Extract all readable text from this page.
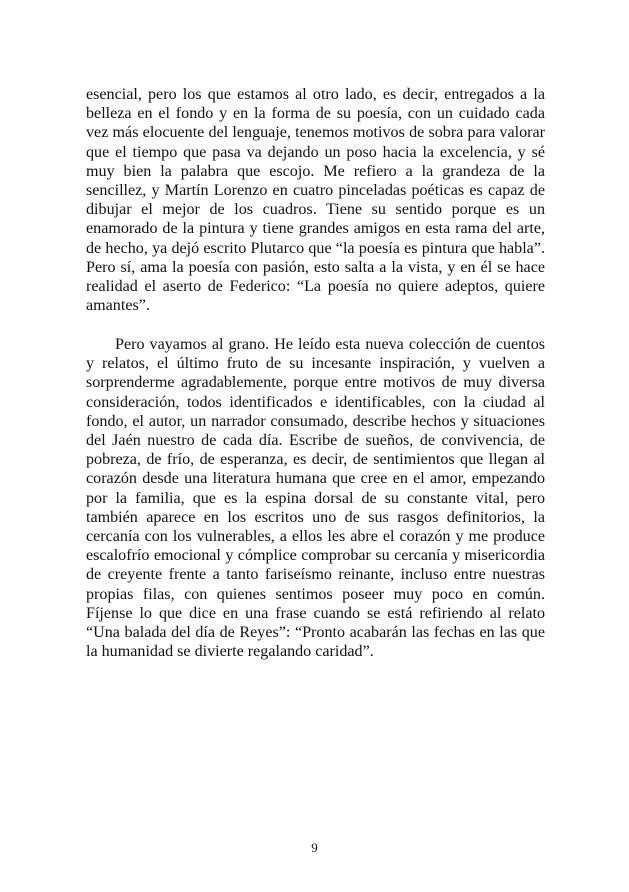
esencial, pero los que estamos al otro lado, es decir, entregados a la belleza en el fondo y en la forma de su poesía, con un cuidado cada vez más elocuente del lenguaje, tenemos motivos de sobra para valorar que el tiempo que pasa va dejando un poso hacia la excelencia, y sé muy bien la palabra que escojo. Me refiero a la grandeza de la sencillez, y Martín Lorenzo en cuatro pinceladas poéticas es capaz de dibujar el mejor de los cuadros. Tiene su sentido porque es un enamorado de la pintura y tiene grandes amigos en esta rama del arte, de hecho, ya dejó escrito Plutarco que “la poesía es pintura que habla”. Pero sí, ama la poesía con pasión, esto salta a la vista, y en él se hace realidad el aserto de Federico: “La poesía no quiere adeptos, quiere amantes”.

Pero vayamos al grano. He leído esta nueva colección de cuentos y relatos, el último fruto de su incesante inspiración, y vuelven a sorprenderme agradablemente, porque entre motivos de muy diversa consideración, todos identificados e identificables, con la ciudad al fondo, el autor, un narrador consumado, describe hechos y situaciones del Jaén nuestro de cada día. Escribe de sueños, de convivencia, de pobreza, de frío, de esperanza, es decir, de sentimientos que llegan al corazón desde una literatura humana que cree en el amor, empezando por la familia, que es la espina dorsal de su constante vital, pero también aparece en los escritos uno de sus rasgos definitorios, la cercanía con los vulnerables, a ellos les abre el corazón y me produce escalofrío emocional y cómplice comprobar su cercanía y misericordia de creyente frente a tanto fariseísmo reinante, incluso entre nuestras propias filas, con quienes sentimos poseer muy poco en común. Fíjense lo que dice en una frase cuando se está refiriendo al relato “Una balada del día de Reyes”: “Pronto acabarán las fechas en las que la humanidad se divierte regalando caridad”.

9
